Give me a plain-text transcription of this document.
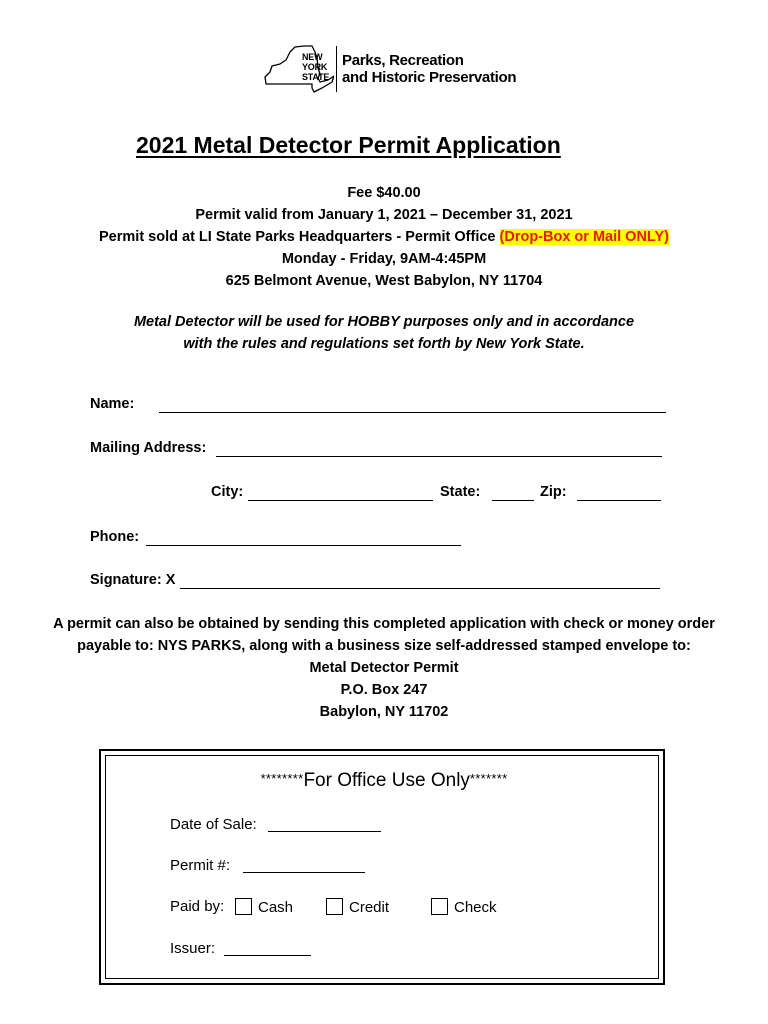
NEW
YORK
STATE
Parks, Recreation
and Historic Preservation
2021 Metal Detector Permit Application
Fee $40.00
Permit valid from January 1, 2021 – December 31, 2021
Permit sold at LI State Parks Headquarters - Permit Office (Drop-Box or Mail ONLY)
Monday - Friday, 9AM-4:45PM
625 Belmont Avenue, West Babylon, NY 11704
Metal Detector will be used for HOBBY purposes only and in accordance
with the rules and regulations set forth by New York State.
Name:
Mailing Address:
City:	State:	Zip:
Phone:
Signature: X
A permit can also be obtained by sending this completed application with check or money order
payable to: NYS PARKS, along with a business size self-addressed stamped envelope to:
Metal Detector Permit
P.O. Box 247
Babylon, NY 11702
********For Office Use Only*******
Date of Sale:
Permit #:
Paid by:	Cash	Credit	Check
Issuer:
